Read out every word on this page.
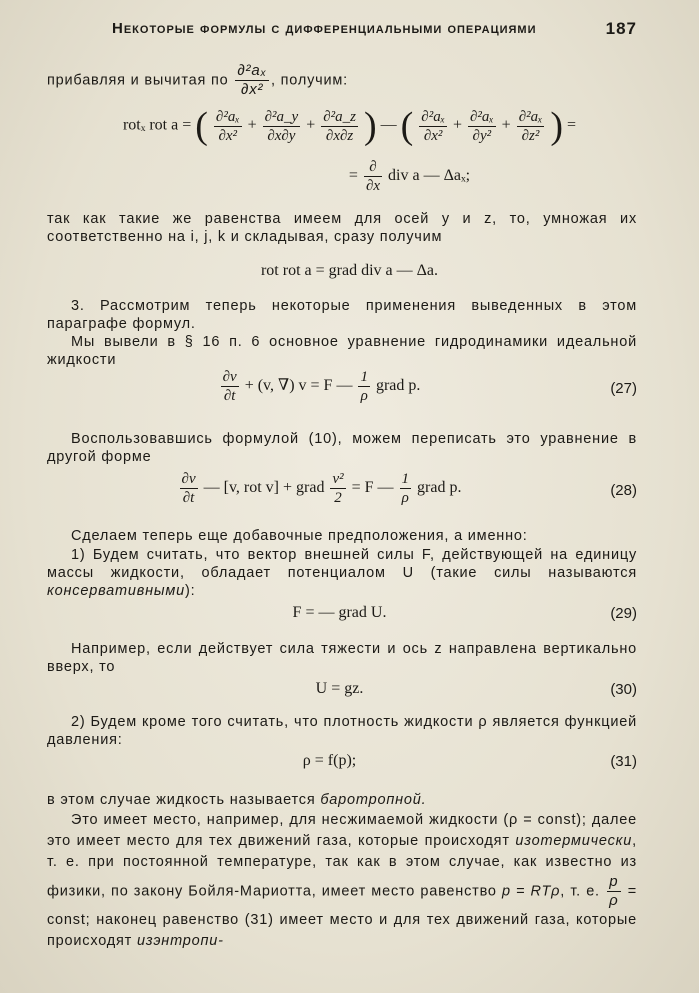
Некоторые формулы с дифференциальными операциями	187
прибавляя и вычитая по $\frac{\text{∂²aₓ}}{\text{∂x²}}$ , получим:
rotₓ rot a = ( $\frac{\text{∂²aₓ}}{\text{∂x²}} + \frac{\text{∂²a\_y}}{\partial x\partial y} + \frac{\text{∂²a\_z}}{\partial x\partial z}$ ) — ( $\frac{\text{∂²aₓ}}{\text{∂x²}} + \frac{\text{∂²aₓ}}{\text{∂y²}} + \frac{\text{∂²aₓ}}{\text{∂z²}}$ ) =
= $\frac{\partial}{\partial x}$ div a — Δaₓ;
так как такие же равенства имеем для осей y и z, то, умножая их соответственно на i, j, k и складывая, сразу получим
rot rot a = grad div a — Δa.
3. Рассмотрим теперь некоторые применения выведенных в этом параграфе формул.
Мы вывели в § 16 п. 6 основное уравнение гидродинамики идеальной жидкости
$\frac{\partial v}{\partial t} + (v$, ∇) v = F — $\frac{1}{\rho}$ grad p.	(27)
Воспользовавшись формулой (10), можем переписать это уравнение в другой форме
$\frac{\partial v}{\partial t}$ — [v, rot v] + grad $\frac{\text{v²}}{2} = F$ — $\frac{1}{\rho}$ grad p.	(28)
Сделаем теперь еще добавочные предположения, а именно:
1) Будем считать, что вектор внешней силы F, действующей на единицу массы жидкости, обладает потенциалом U (такие силы называются консервативными):
F = — grad U.	(29)
Например, если действует сила тяжести и ось z направлена вертикально вверх, то
U = gz.	(30)
2) Будем кроме того считать, что плотность жидкости ρ является функцией давления:
ρ = f(p);	(31)
в этом случае жидкость называется баротропной.
Это имеет место, например, для несжимаемой жидкости (ρ = const); далее это имеет место для тех движений газа, которые происходят изотермически, т. е. при постоянной температуре, так как в этом случае, как известно из физики, по закону Бойля-Мариотта, имеет место равенство p = RTρ, т. е. $\frac{p}{\rho}$ = const; наконец равенство (31) имеет место и для тех движений газа, которые происходят изэнтропи-
